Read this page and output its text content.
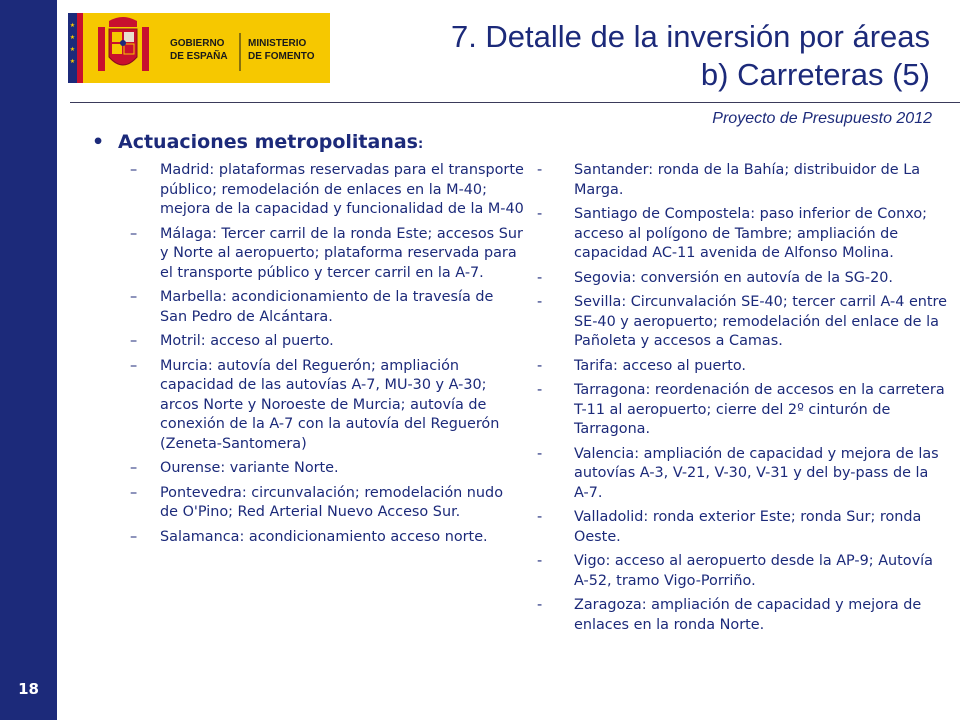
18
★
★
★
★
GOBIERNO
DE ESPAÑA
MINISTERIO
DE FOMENTO
7. Detalle de la inversión por áreas
b) Carreteras (5)
Proyecto de Presupuesto 2012
• Actuaciones metropolitanas:
– Madrid: plataformas reservadas para el transporte público; remodelación de enlaces en la M-40; mejora de la capacidad y funcionalidad de la M-40
– Málaga: Tercer carril de la ronda Este; accesos Sur y Norte al aeropuerto; plataforma reservada para el transporte público y tercer carril en la A-7.
– Marbella: acondicionamiento de la travesía de San Pedro de Alcántara.
– Motril: acceso al puerto.
– Murcia: autovía del Reguerón; ampliación capacidad de las autovías A-7, MU-30 y A-30; arcos Norte y Noroeste de Murcia; autovía de conexión de la A-7 con la autovía del Reguerón (Zeneta-Santomera)
– Ourense: variante Norte.
– Pontevedra: circunvalación; remodelación nudo de O'Pino; Red Arterial Nuevo Acceso Sur.
– Salamanca: acondicionamiento acceso norte.
- Santander: ronda de la Bahía; distribuidor de La Marga.
- Santiago de Compostela: paso inferior de Conxo; acceso al polígono de Tambre; ampliación de capacidad AC-11 avenida de Alfonso Molina.
- Segovia: conversión en autovía de la SG-20.
- Sevilla: Circunvalación SE-40; tercer carril A-4 entre SE-40 y aeropuerto; remodelación del enlace de la Pañoleta y accesos a Camas.
- Tarifa: acceso al puerto.
- Tarragona: reordenación de accesos en la carretera T-11 al aeropuerto; cierre del 2º cinturón de Tarragona.
- Valencia: ampliación de capacidad y mejora de las autovías A-3, V-21, V-30, V-31 y del by-pass de la A-7.
- Valladolid: ronda exterior Este; ronda Sur; ronda Oeste.
- Vigo: acceso al aeropuerto desde la AP-9; Autovía A-52, tramo Vigo-Porriño.
- Zaragoza: ampliación de capacidad y mejora de enlaces en la ronda Norte.
